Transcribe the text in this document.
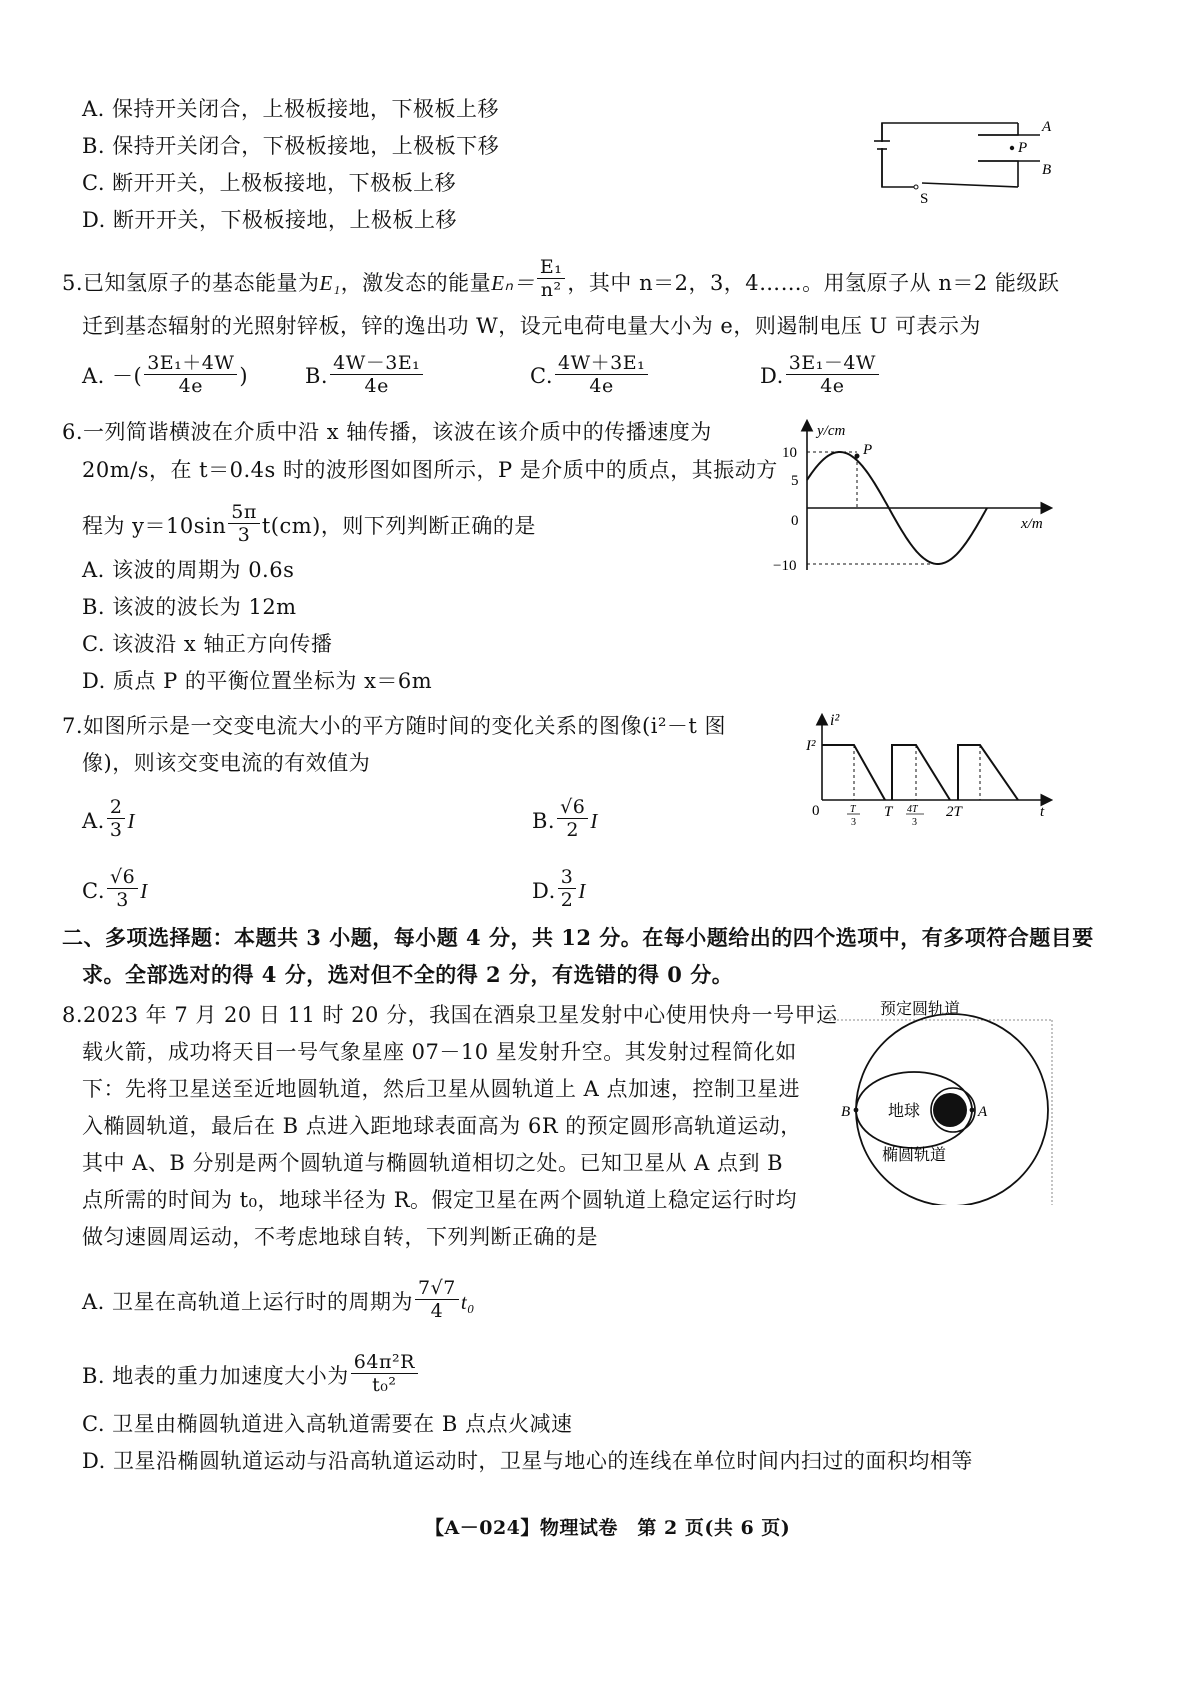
A. 保持开关闭合，上极板接地，下极板上移
B. 保持开关闭合，下极板接地，上极板下移
C. 断开开关，上极板接地，下极板上移
D. 断开开关，下极板接地，上极板上移
A
P
B
S
5.已知氢原子的基态能量为E₁，激发态的能量$E_n= \frac{\text{E₁}}{\text{n²}}$ ，其中 n＝2，3，4……。用氢原子从 n＝2 能级跃
迁到基态辐射的光照射锌板，锌的逸出功 W，设元电荷电量大小为 e，则遏制电压 U 可表示为
A. －( $\frac{\text{3E₁＋4W}}{4e}$ )	B. $\frac{\text{4W－3E₁}}{4e}$	C. $\frac{\text{4W＋3E₁}}{4e}$	D. $\frac{\text{3E₁－4W}}{4e}$
6.一列简谐横波在介质中沿 x 轴传播，该波在该介质中的传播速度为
20m/s，在 t＝0.4s 时的波形图如图所示，P 是介质中的质点，其振动方
程为 $y=10\sin \frac{5\pi}{3} t(cm)$，则下列判断正确的是
A. 该波的周期为 0.6s
B. 该波的波长为 12m
C. 该波沿 x 轴正方向传播
D. 质点 P 的平衡位置坐标为 x＝6m
y/cm
x/m
10
5
0
−10
P
7.如图所示是一交变电流大小的平方随时间的变化关系的图像(i²－t 图
像)，则该交变电流的有效值为
A. $\frac{2}{3}$ I	B. $\frac{√6}{2}$ I
C. $\frac{√6}{3}$ I	D. $\frac{3}{2}$ I
i²
I²
t
0	T
3
T 4T
3
2T
二、多项选择题：本题共 3 小题，每小题 4 分，共 12 分。在每小题给出的四个选项中，有多项符合题目要
求。全部选对的得 4 分，选对但不全的得 2 分，有选错的得 0 分。
8.2023 年 7 月 20 日 11 时 20 分，我国在酒泉卫星发射中心使用快舟一号甲运
载火箭，成功将天目一号气象星座 07－10 星发射升空。其发射过程简化如
下：先将卫星送至近地圆轨道，然后卫星从圆轨道上 A 点加速，控制卫星进
入椭圆轨道，最后在 B 点进入距地球表面高为 6R 的预定圆形高轨道运动，
其中 A、B 分别是两个圆轨道与椭圆轨道相切之处。已知卫星从 A 点到 B
点所需的时间为 t₀，地球半径为 R。假定卫星在两个圆轨道上稳定运行时均
做匀速圆周运动，不考虑地球自转，下列判断正确的是
A. 卫星在高轨道上运行时的周期为 $\frac{7√7}{4} t_0$
B. 地表的重力加速度大小为 $\frac{\text{64π²R}}{\text{t₀²}}$
C. 卫星由椭圆轨道进入高轨道需要在 B 点点火减速
D. 卫星沿椭圆轨道运动与沿高轨道运动时，卫星与地心的连线在单位时间内扫过的面积均相等
预定圆轨道
B	A
地球
椭圆轨道
【A－024】物理试卷　第 2 页(共 6 页)
